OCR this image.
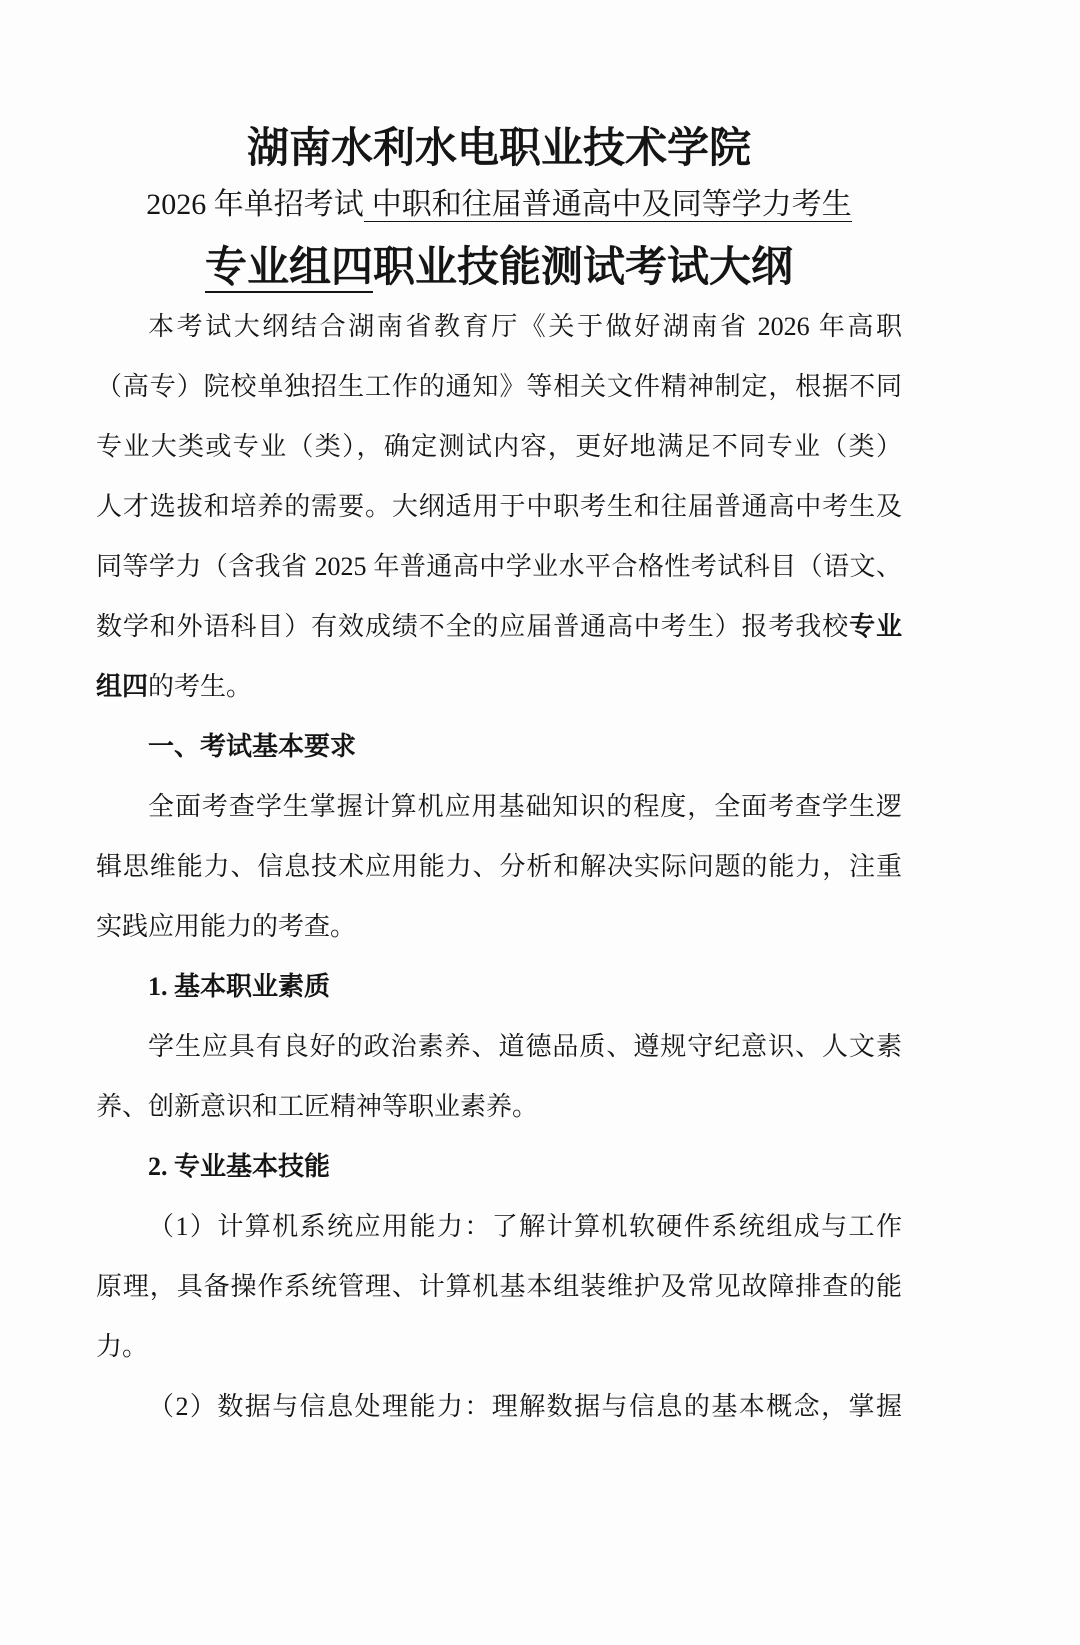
湖南水利水电职业技术学院
2026 年单招考试 中职和往届普通高中及同等学力考生
专业组四职业技能测试考试大纲
本考试大纲结合湖南省教育厅《关于做好湖南省 2026 年高职
（高专）院校单独招生工作的通知》等相关文件精神制定，根据不同
专业大类或专业（类），确定测试内容，更好地满足不同专业（类）
人才选拔和培养的需要。大纲适用于中职考生和往届普通高中考生及
同等学力（含我省 2025 年普通高中学业水平合格性考试科目（语文、
数学和外语科目）有效成绩不全的应届普通高中考生）报考我校专业
组四的考生。
一、考试基本要求
全面考查学生掌握计算机应用基础知识的程度，全面考查学生逻
辑思维能力、信息技术应用能力、分析和解决实际问题的能力，注重
实践应用能力的考查。
1. 基本职业素质
学生应具有良好的政治素养、道德品质、遵规守纪意识、人文素
养、创新意识和工匠精神等职业素养。
2. 专业基本技能
（1）计算机系统应用能力：了解计算机软硬件系统组成与工作
原理，具备操作系统管理、计算机基本组装维护及常见故障排查的能
力。
（2）数据与信息处理能力：理解数据与信息的基本概念，掌握
